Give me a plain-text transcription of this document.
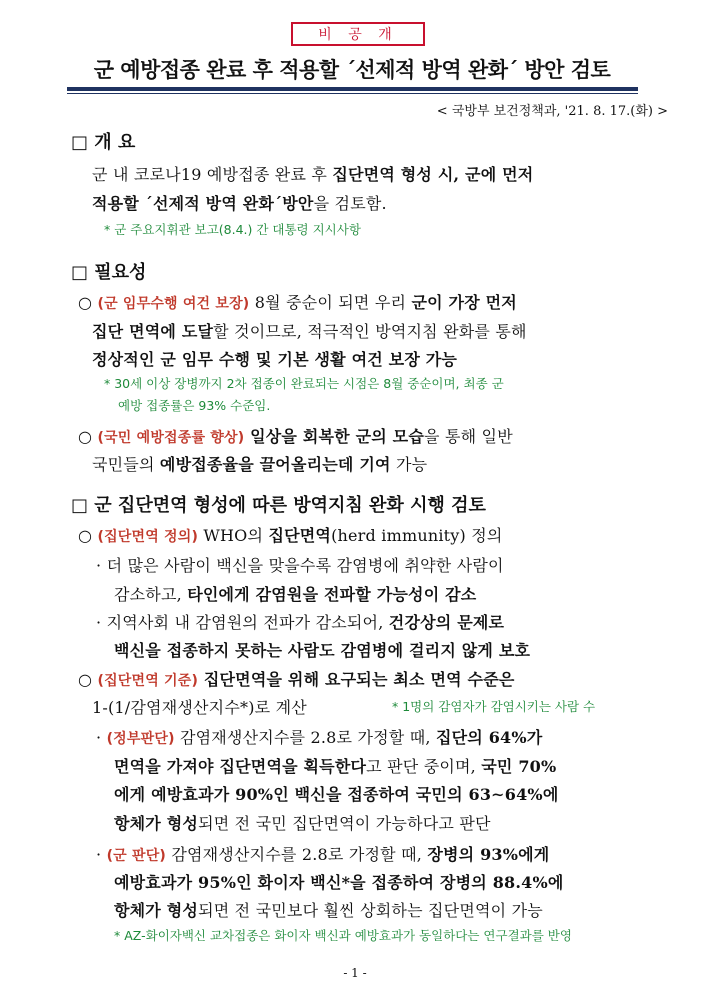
비 공 개
군 예방접종 완료 후 적용할 ´선제적 방역 완화´ 방안 검토
< 국방부 보건정책과, '21. 8. 17.(화) >
□ 개 요
군 내 코로나19 예방접종 완료 후 집단면역 형성 시, 군에 먼저
적용할 ´선제적 방역 완화´방안을 검토함.
* 군 주요지휘관 보고(8.4.) 간 대통령 지시사항
□ 필요성
○ (군 임무수행 여건 보장) 8월 중순이 되면 우리 군이 가장 먼저
집단 면역에 도달할 것이므로, 적극적인 방역지침 완화를 통해
정상적인 군 임무 수행 및 기본 생활 여건 보장 가능
* 30세 이상 장병까지 2차 접종이 완료되는 시점은 8월 중순이며, 최종 군
예방 접종률은 93% 수준임.
○ (국민 예방접종률 향상) 일상을 회복한 군의 모습을 통해 일반
국민들의 예방접종율을 끌어올리는데 기여 가능
□ 군 집단면역 형성에 따른 방역지침 완화 시행 검토
○ (집단면역 정의) WHO의 집단면역(herd immunity) 정의
· 더 많은 사람이 백신을 맞을수록 감염병에 취약한 사람이
감소하고, 타인에게 감염원을 전파할 가능성이 감소
· 지역사회 내 감염원의 전파가 감소되어, 건강상의 문제로
백신을 접종하지 못하는 사람도 감염병에 걸리지 않게 보호
○ (집단면역 기준) 집단면역을 위해 요구되는 최소 면역 수준은
1-(1/감염재생산지수*)로 계산	* 1명의 감염자가 감염시키는 사람 수
· (정부판단) 감염재생산지수를 2.8로 가정할 때, 집단의 64%가
면역을 가져야 집단면역을 획득한다고 판단 중이며, 국민 70%
에게 예방효과가 90%인 백신을 접종하여 국민의 63∼64%에
항체가 형성되면 전 국민 집단면역이 가능하다고 판단
· (군 판단) 감염재생산지수를 2.8로 가정할 때, 장병의 93%에게
예방효과가 95%인 화이자 백신*을 접종하여 장병의 88.4%에
항체가 형성되면 전 국민보다 훨씬 상회하는 집단면역이 가능
* AZ-화이자백신 교차접종은 화이자 백신과 예방효과가 동일하다는 연구결과를 반영
- 1 -
